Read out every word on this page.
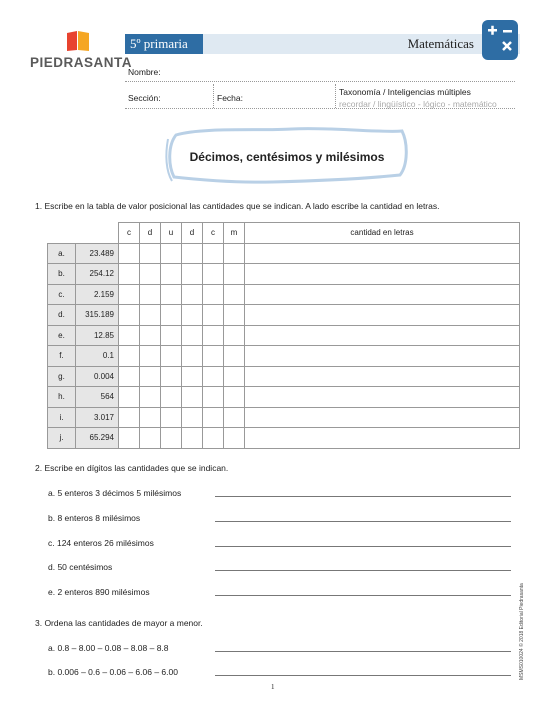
PIEDRASANTA
5º primaria	Matemáticas
Nombre:
Sección:	Fecha:
Taxonomía / Inteligencias múltiples
recordar / lingüístico - lógico - matemático
Décimos, centésimos y milésimos
1. Escribe en la tabla de valor posicional las cantidades que se indican. A lado escribe la cantidad en letras.
		c	d	u	d	c	m	cantidad en letras
a.	23.489							
b.	254.12							
c.	2.159							
d.	315.189							
e.	12.85							
f.	0.1							
g.	0.004							
h.	564							
i.	3.017							
j.	65.294							
2. Escribe en dígitos las cantidades que se indican.
a. 5 enteros 3 décimos 5 milésimos
b. 8 enteros 8 milésimos
c. 124 enteros 26 milésimos
d. 50 centésimos
e. 2 enteros 890 milésimos
3. Ordena las cantidades de mayor a menor.
a. 0.8 – 8.00 – 0.08 – 8.08 – 8.8
b. 0.006 – 0.6 – 0.06 – 6.06 – 6.00	MSMS010024 © 2018 Editorial Piedrasanta
1
